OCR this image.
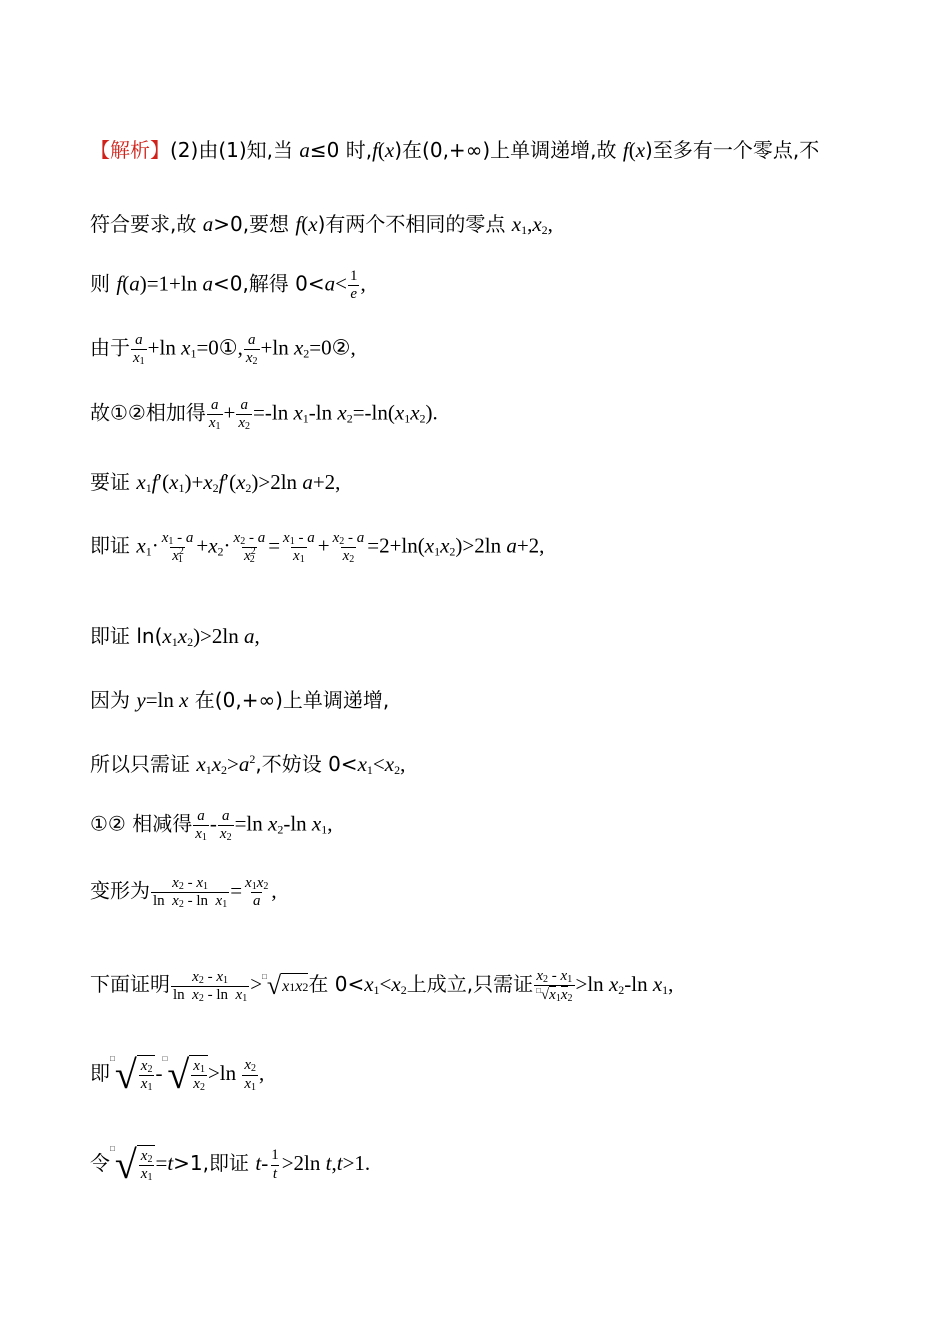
【解析】(2)由(1)知,当 a≤0 时,f(x)在(0,+∞)上单调递增,故 f(x)至多有一个零点,不
符合要求,故 a>0,要想 f(x)有两个不相同的零点 $x_1,x_2$,
则 f(a)=1+ln a<0,解得 $0<a< \frac{1}{e}$ ,
由于 $\frac{a}{x_1} +\ln$ $x_1=0①$, $\frac{a}{x_2} +\ln$ $x_2=0②$,
故①②相加得 $\frac{a}{x_1} + \frac{a}{x_2} =-\ln$ $x_1-\ln$ $x_2=-\ln(x_1x_2)$.
要证 $x_1f'(x_1)+x_2f'(x_2)>2\ln$ a+2,
即证 $x_1\cdot \frac{x_1 - a}{x^2_1} +x_2\cdot \frac{x_2 - a}{x^2_2} = \frac{x_1 - a}{x_1} + \frac{x_2 - a}{x_2} =2+\ln(x_1x_2)>2\ln$ a+2,
即证 $\ln(x_1x_2)>2\ln$ a,
因为 y=ln x 在(0,+∞)上单调递增,
所以只需证 $x_1x_2>a^2$,不妨设 $0<x_1<x_2$,
①② 相减得 $\frac{a}{x_1} - \frac{a}{x_2} =\ln$ $x_2-\ln$ $x_1$,
变形为 $\frac{x_2 - x_1}{\ln x_2 - \ln x_1} = \frac{x_1x_2}{a}$ ,
下面证明 $\frac{x_2 - x_1}{\ln x_2 - \ln x_1}$ > □ √ x 1 x 2 在 $0<x_1<x_2$上成立,只需证 $\frac{x_2 - x_1}{^□√x_1x_2} >\ln$ $x_2-\ln$ $x_1$,
即
□ √ $\frac{x_2}{x_1}$ -
□ √ $\frac{x_1}{x_2} >\ln \frac{x_2}{x_1}$ ,
令
□ √ $\frac{x_2}{x_1} =t>1$,即证 $t- \frac{1}{t} >2\ln$ t,t>1.
